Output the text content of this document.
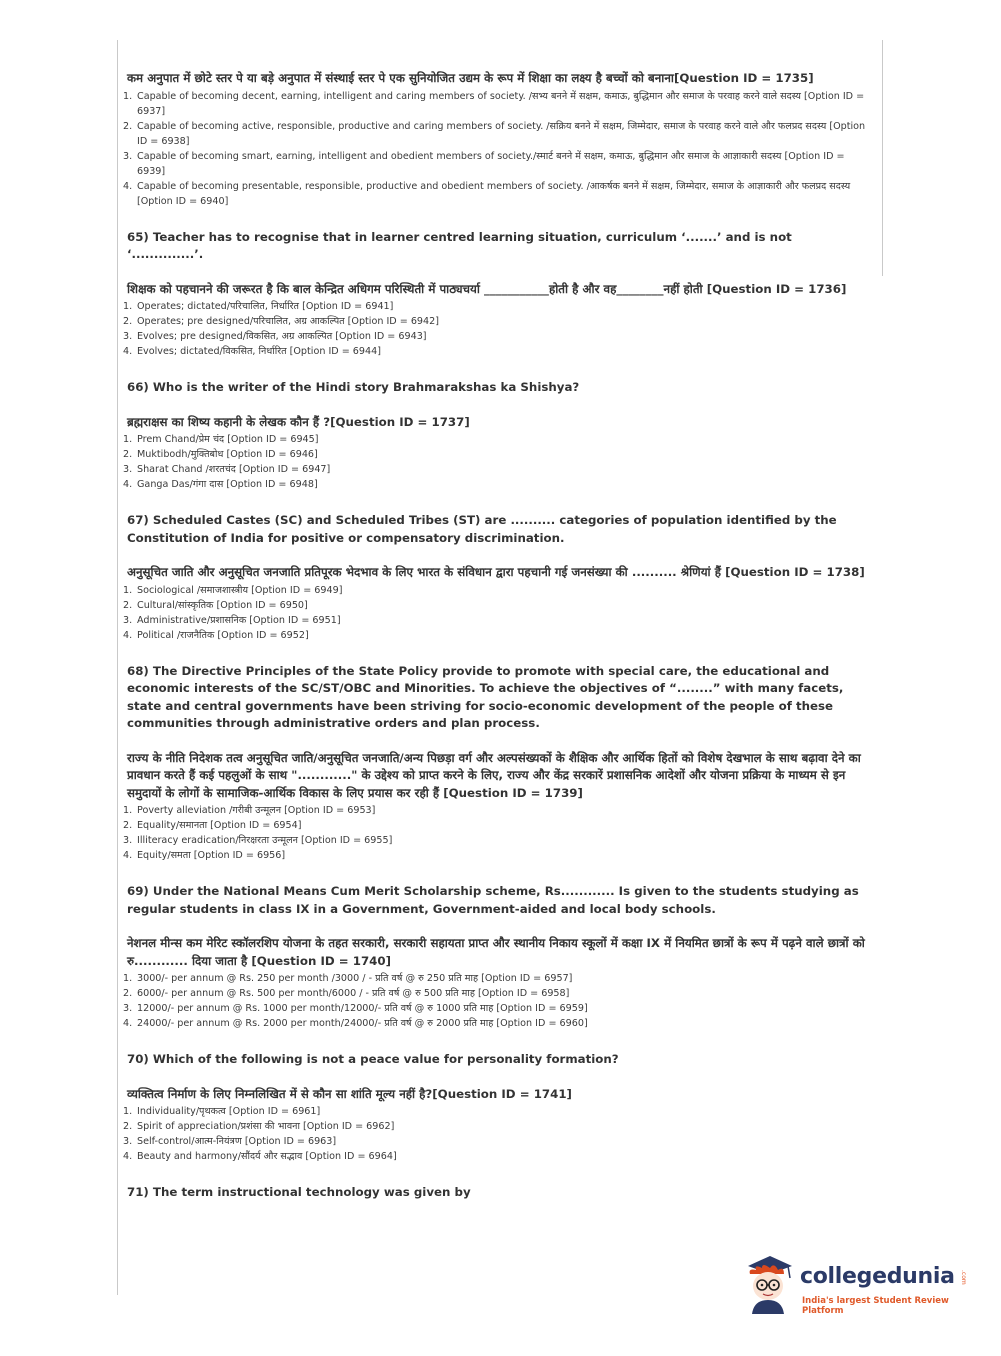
कम अनुपात में छोटे स्तर पे या बड़े अनुपात में संस्थाई स्तर पे एक सुनियोजित उद्यम के रूप में शिक्षा का लक्ष्य है बच्चों को बनाना[Question ID = 1735]
1. Capable of becoming decent, earning, intelligent and caring members of society. /सभ्य बनने में सक्षम, कमाऊ, बुद्धिमान और समाज के परवाह करने वाले सदस्य [Option ID = 6937]
2. Capable of becoming active, responsible, productive and caring members of society. /सक्रिय बनने में सक्षम, जिम्मेदार, समाज के परवाह करने वाले और फलप्रद सदस्य [Option ID = 6938]
3. Capable of becoming smart, earning, intelligent and obedient members of society./स्मार्ट बनने में सक्षम, कमाऊ, बुद्धिमान और समाज के आज्ञाकारी सदस्य [Option ID = 6939]
4. Capable of becoming presentable, responsible, productive and obedient members of society. /आकर्षक बनने में सक्षम, जिम्मेदार, समाज के आज्ञाकारी और फलप्रद सदस्य [Option ID = 6940]
65) Teacher has to recognise that in learner centred learning situation, curriculum ‘.......’ and is not ‘..............’.
शिक्षक को पहचानने की जरूरत है कि बाल केन्द्रित अधिगम परिस्थिती में पाठ्यचर्या ___________होती है और वह________नहीं होती [Question ID = 1736]
1. Operates; dictated/परिचालित, निर्धारित [Option ID = 6941]
2. Operates; pre designed/परिचालित, अग्र आकल्पित [Option ID = 6942]
3. Evolves; pre designed/विकसित, अग्र आकल्पित [Option ID = 6943]
4. Evolves; dictated/विकसित, निर्धारित [Option ID = 6944]
66) Who is the writer of the Hindi story Brahmarakshas ka Shishya?
ब्रह्मराक्षस का शिष्य कहानी के लेखक कौन हैं ?[Question ID = 1737]
1. Prem Chand/प्रेम चंद [Option ID = 6945]
2. Muktibodh/मुक्तिबोध [Option ID = 6946]
3. Sharat Chand /शरतचंद [Option ID = 6947]
4. Ganga Das/गंगा दास [Option ID = 6948]
67) Scheduled Castes (SC) and Scheduled Tribes (ST) are .......... categories of population identified by the Constitution of India for positive or compensatory discrimination.
अनुसूचित जाति और अनुसूचित जनजाति प्रतिपूरक भेदभाव के लिए भारत के संविधान द्वारा पहचानी गई जनसंख्या की .......... श्रेणियां हैं [Question ID = 1738]
1. Sociological /समाजशास्त्रीय [Option ID = 6949]
2. Cultural/सांस्कृतिक [Option ID = 6950]
3. Administrative/प्रशासनिक [Option ID = 6951]
4. Political /राजनैतिक [Option ID = 6952]
68) The Directive Principles of the State Policy provide to promote with special care, the educational and economic interests of the SC/ST/OBC and Minorities. To achieve the objectives of “........” with many facets, state and central governments have been striving for socio-economic development of the people of these communities through administrative orders and plan process.
राज्य के नीति निदेशक तत्व अनुसूचित जाति/अनुसूचित जनजाति/अन्य पिछड़ा वर्ग और अल्पसंख्यकों के शैक्षिक और आर्थिक हितों को विशेष देखभाल के साथ बढ़ावा देने का प्रावधान करते हैं कई पहलुओं के साथ "............" के उद्देश्य को प्राप्त करने के लिए, राज्य और केंद्र सरकारें प्रशासनिक आदेशों और योजना प्रक्रिया के माध्यम से इन समुदायों के लोगों के सामाजिक-आर्थिक विकास के लिए प्रयास कर रही हैं [Question ID = 1739]
1. Poverty alleviation /गरीबी उन्मूलन [Option ID = 6953]
2. Equality/समानता [Option ID = 6954]
3. Illiteracy eradication/निरक्षरता उन्मूलन [Option ID = 6955]
4. Equity/समता [Option ID = 6956]
69) Under the National Means Cum Merit Scholarship scheme, Rs............ Is given to the students studying as regular students in class IX in a Government, Government-aided and local body schools.
नेशनल मीन्स कम मेरिट स्कॉलरशिप योजना के तहत सरकारी, सरकारी सहायता प्राप्त और स्थानीय निकाय स्कूलों में कक्षा IX में नियमित छात्रों के रूप में पढ़ने वाले छात्रों को रु............ दिया जाता है [Question ID = 1740]
1. 3000/- per annum @ Rs. 250 per month /3000 / - प्रति वर्ष @ रु 250 प्रति माह [Option ID = 6957]
2. 6000/- per annum @ Rs. 500 per month/6000 / - प्रति वर्ष @ रु 500 प्रति माह [Option ID = 6958]
3. 12000/- per annum @ Rs. 1000 per month/12000/- प्रति वर्ष @ रु 1000 प्रति माह [Option ID = 6959]
4. 24000/- per annum @ Rs. 2000 per month/24000/- प्रति वर्ष @ रु 2000 प्रति माह [Option ID = 6960]
70) Which of the following is not a peace value for personality formation?
व्यक्तित्व निर्माण के लिए निम्नलिखित में से कौन सा शांति मूल्य नहीं है?[Question ID = 1741]
1. Individuality/पृथकत्व [Option ID = 6961]
2. Spirit of appreciation/प्रशंसा की भावना [Option ID = 6962]
3. Self-control/आत्म-नियंत्रण [Option ID = 6963]
4. Beauty and harmony/सौंदर्य और सद्भाव [Option ID = 6964]
71) The term instructional technology was given by
collegedunia .com
India's largest Student Review Platform
